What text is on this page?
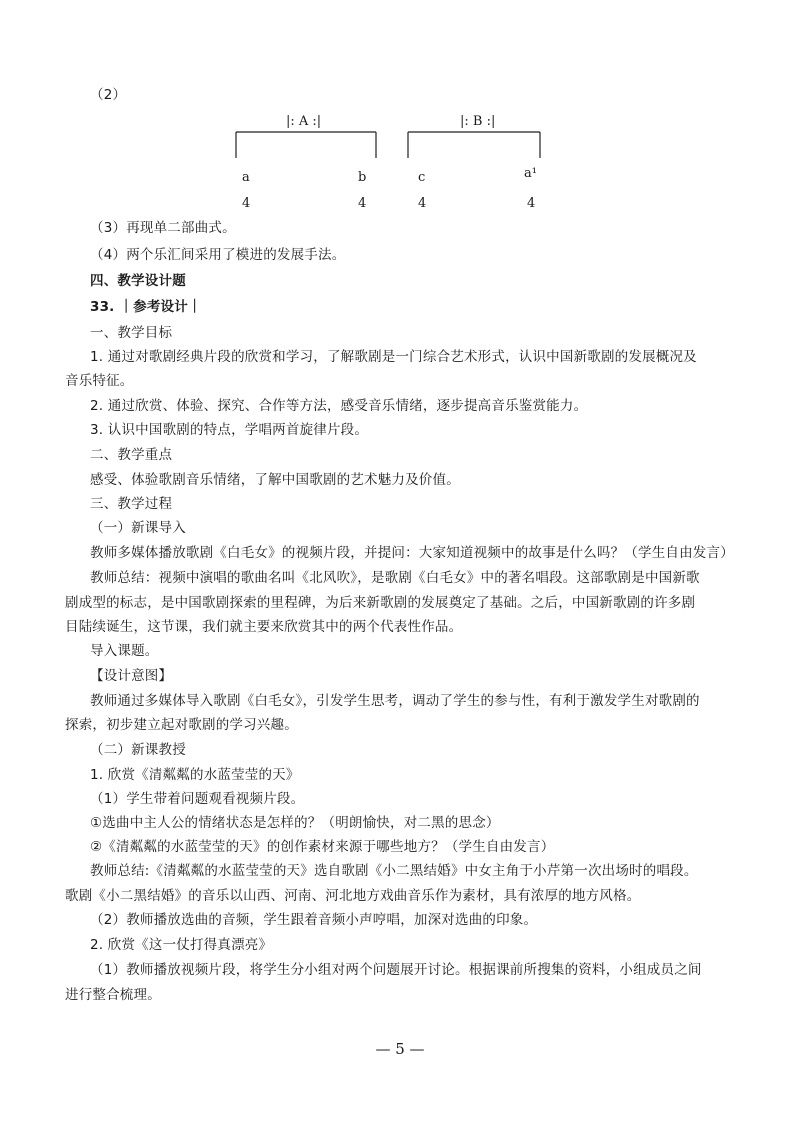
（2）
|: A :|	|: B :|
a	b	c	a¹
4	4	4	4
（3）再现单二部曲式。
（4）两个乐汇间采用了模进的发展手法。
四、教学设计题
33. ｜参考设计｜
一、教学目标
1. 通过对歌剧经典片段的欣赏和学习，了解歌剧是一门综合艺术形式，认识中国新歌剧的发展概况及
音乐特征。
2. 通过欣赏、体验、探究、合作等方法，感受音乐情绪，逐步提高音乐鉴赏能力。
3. 认识中国歌剧的特点，学唱两首旋律片段。
二、教学重点
感受、体验歌剧音乐情绪，了解中国歌剧的艺术魅力及价值。
三、教学过程
（一）新课导入
教师多媒体播放歌剧《白毛女》的视频片段，并提问：大家知道视频中的故事是什么吗？（学生自由发言）
教师总结：视频中演唱的歌曲名叫《北风吹》，是歌剧《白毛女》中的著名唱段。这部歌剧是中国新歌
剧成型的标志，是中国歌剧探索的里程碑，为后来新歌剧的发展奠定了基础。之后，中国新歌剧的许多剧
目陆续诞生，这节课，我们就主要来欣赏其中的两个代表性作品。
导入课题。
【设计意图】
教师通过多媒体导入歌剧《白毛女》，引发学生思考，调动了学生的参与性，有利于激发学生对歌剧的
探索，初步建立起对歌剧的学习兴趣。
（二）新课教授
1. 欣赏《清粼粼的水蓝莹莹的天》
（1）学生带着问题观看视频片段。
①选曲中主人公的情绪状态是怎样的？（明朗愉快，对二黑的思念）
②《清粼粼的水蓝莹莹的天》的创作素材来源于哪些地方？（学生自由发言）
教师总结:《清粼粼的水蓝莹莹的天》选自歌剧《小二黑结婚》中女主角于小芹第一次出场时的唱段。
歌剧《小二黑结婚》的音乐以山西、河南、河北地方戏曲音乐作为素材，具有浓厚的地方风格。
（2）教师播放选曲的音频，学生跟着音频小声哼唱，加深对选曲的印象。
2. 欣赏《这一仗打得真漂亮》
（1）教师播放视频片段，将学生分小组对两个问题展开讨论。根据课前所搜集的资料，小组成员之间
进行整合梳理。
— 5 —
